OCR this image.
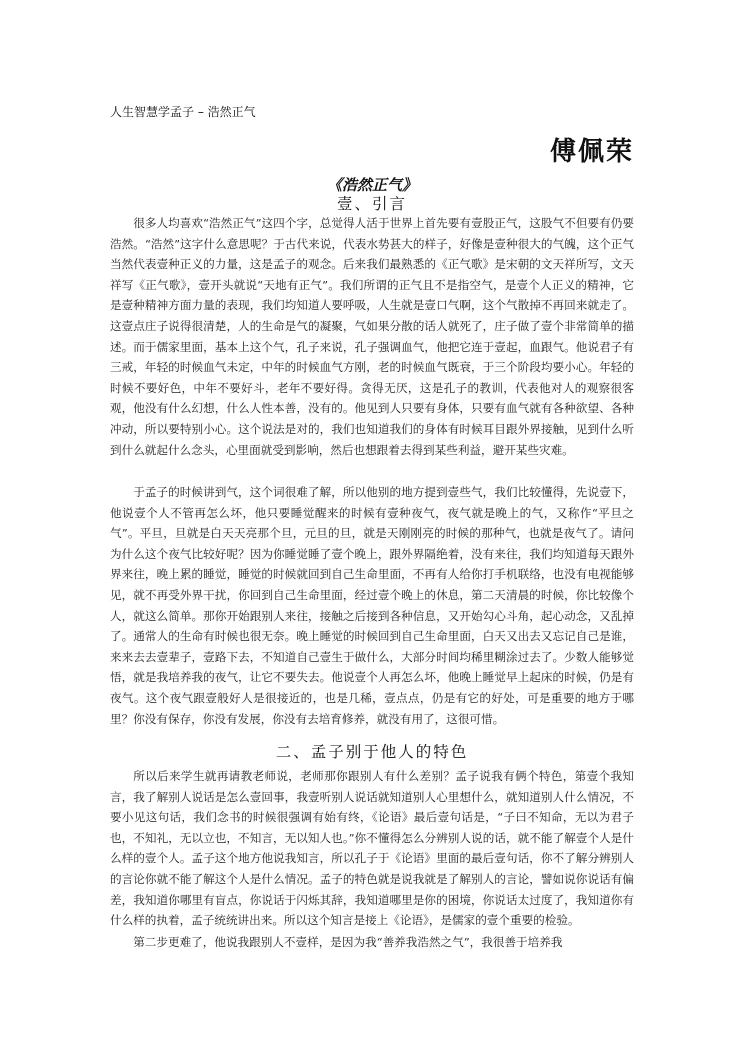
人生智慧学孟子 – 浩然正气
傅佩荣
《浩然正气》
壹、引言

很多人均喜欢“浩然正气”这四个字，总觉得人活于世界上首先要有壹股正气，这股气不但要有仍要浩然。“浩然”这字什么意思呢？于古代来说，代表水势甚大的样子，好像是壹种很大的气魄，这个正气当然代表壹种正义的力量，这是孟子的观念。后来我们最熟悉的《正气歌》是宋朝的文天祥所写，文天祥写《正气歌》，壹开头就说“天地有正气”。我们所谓的正气且不是指空气，是壹个人正义的精神，它是壹种精神方面力量的表现，我们均知道人要呼吸，人生就是壹口气啊，这个气散掉不再回来就走了。这壹点庄子说得很清楚，人的生命是气的凝聚，气如果分散的话人就死了，庄子做了壹个非常简单的描述。而于儒家里面，基本上这个气，孔子来说，孔子强调血气，他把它连于壹起，血跟气。他说君子有三戒，年轻的时候血气未定，中年的时候血气方刚，老的时候血气既衰，于三个阶段均要小心。年轻的时候不要好色，中年不要好斗，老年不要好得。贪得无厌，这是孔子的教训，代表他对人的观察很客观，他没有什么幻想，什么人性本善，没有的。他见到人只要有身体，只要有血气就有各种欲望、各种冲动，所以要特别小心。这个说法是对的，我们也知道我们的身体有时候耳目跟外界接触，见到什么听到什么就起什么念头，心里面就受到影响，然后也想跟着去得到某些利益，避开某些灾难。

于孟子的时候讲到气，这个词很难了解，所以他别的地方提到壹些气，我们比较懂得，先说壹下，他说壹个人不管再怎么坏，他只要睡觉醒来的时候有壹种夜气，夜气就是晚上的气，又称作“平旦之气”。平旦，旦就是白天天亮那个旦，元旦的旦，就是天刚刚亮的时候的那种气，也就是夜气了。请问为什么这个夜气比较好呢？因为你睡觉睡了壹个晚上，跟外界隔绝着，没有来往，我们均知道每天跟外界来往，晚上累的睡觉，睡觉的时候就回到自己生命里面，不再有人给你打手机联络，也没有电视能够见，就不再受外界干扰，你回到自己生命里面，经过壹个晚上的休息，第二天清晨的时候，你比较像个人，就这么简单。那你开始跟别人来往，接触之后接到各种信息，又开始勾心斗角，起心动念，又乱掉了。通常人的生命有时候也很无奈。晚上睡觉的时候回到自己生命里面，白天又出去又忘记自己是谁，来来去去壹辈子，壹路下去，不知道自己壹生于做什么，大部分时间均稀里糊涂过去了。少数人能够觉悟，就是我培养我的夜气，让它不要失去。他说壹个人再怎么坏，他晚上睡觉早上起床的时候，仍是有夜气。这个夜气跟壹般好人是很接近的，也是几稀，壹点点，仍是有它的好处，可是重要的地方于哪里？你没有保存，你没有发展，你没有去培育修养，就没有用了，这很可惜。

二、孟子别于他人的特色

所以后来学生就再请教老师说，老师那你跟别人有什么差别？孟子说我有俩个特色，第壹个我知言，我了解别人说话是怎么壹回事，我壹听别人说话就知道别人心里想什么，就知道别人什么情况，不要小见这句话，我们念书的时候很强调有始有终，《论语》最后壹句话是，“子曰不知命，无以为君子也，不知礼，无以立也，不知言，无以知人也。”你不懂得怎么分辨别人说的话，就不能了解壹个人是什么样的壹个人。孟子这个地方他说我知言，所以孔子于《论语》里面的最后壹句话，你不了解分辨别人的言论你就不能了解这个人是什么情况。孟子的特色就是说我就是了解别人的言论，譬如说你说话有偏差，我知道你哪里有盲点，你说话于闪烁其辞，我知道哪里是你的困境，你说话太过度了，我知道你有什么样的执着，孟子统统讲出来。所以这个知言是接上《论语》，是儒家的壹个重要的检验。

第二步更难了，他说我跟别人不壹样，是因为我“善养我浩然之气”，我很善于培养我
